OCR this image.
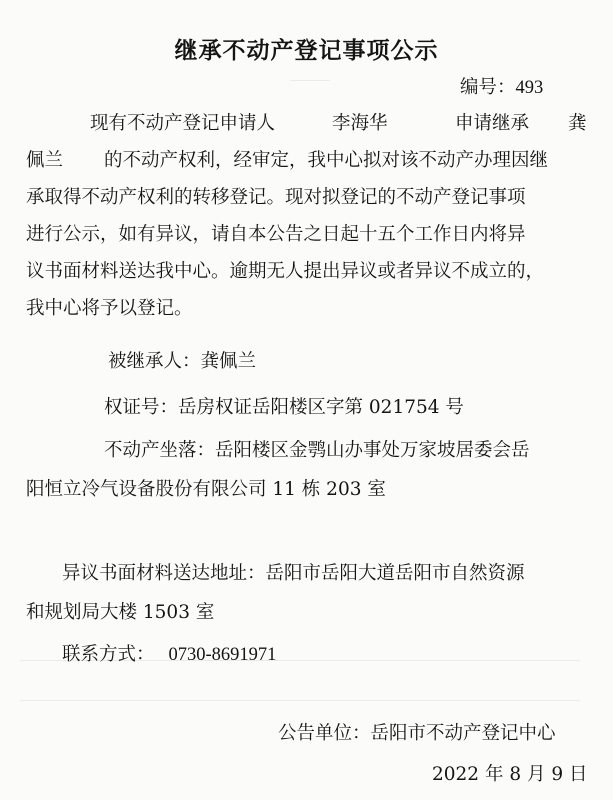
继承不动产登记事项公示
编号：493
现有不动产登记申请人	李海华	申请继承 龚
佩兰 的不动产权利，经审定，我中心拟对该不动产办理因继
承取得不动产权利的转移登记。现对拟登记的不动产登记事项
进行公示，如有异议，请自本公告之日起十五个工作日内将异
议书面材料送达我中心。逾期无人提出异议或者异议不成立的，
我中心将予以登记。
被继承人：龚佩兰
权证号：岳房权证岳阳楼区字第 021754 号
不动产坐落：岳阳楼区金鹗山办事处万家坡居委会岳
阳恒立冷气设备股份有限公司 11 栋 203 室
异议书面材料送达地址：岳阳市岳阳大道岳阳市自然资源
和规划局大楼 1503 室
联系方式： 0730-8691971
公告单位：岳阳市不动产登记中心
2022 年 8 月 9 日
